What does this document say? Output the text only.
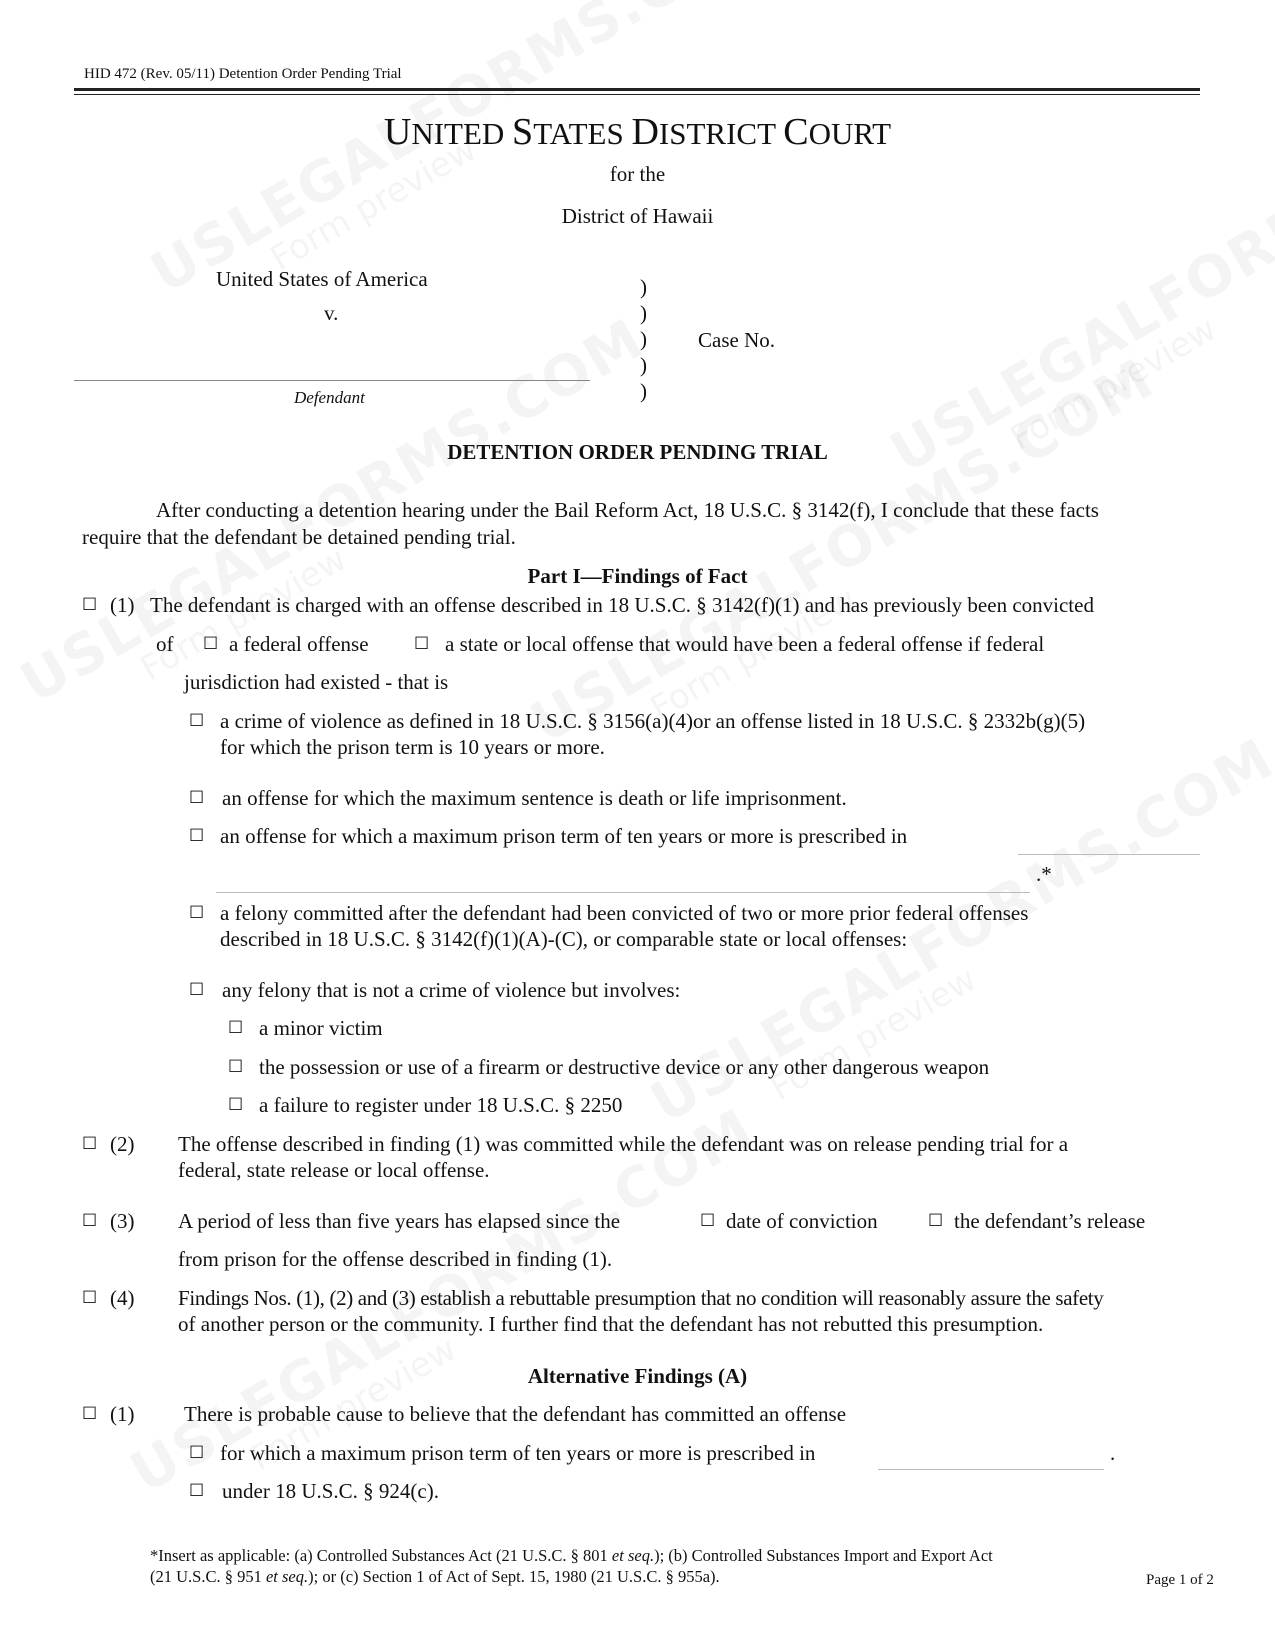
HID 472 (Rev. 05/11) Detention Order Pending Trial
UNITED STATES DISTRICT COURT
for the
District of Hawaii
United States of America
v.
Defendant
)
)
)
)
)
Case No.
DETENTION ORDER PENDING TRIAL
After conducting a detention hearing under the Bail Reform Act, 18 U.S.C. § 3142(f), I conclude that these facts
require that the defendant be detained pending trial.
Part I—Findings of Fact
☐ (1) The defendant is charged with an offense described in 18 U.S.C. § 3142(f)(1) and has previously been convicted
of ☐ a federal offense	☐ a state or local offense that would have been a federal offense if federal
jurisdiction had existed - that is
☐ a crime of violence as defined in 18 U.S.C. § 3156(a)(4)or an offense listed in 18 U.S.C. § 2332b(g)(5)
for which the prison term is 10 years or more.
☐ an offense for which the maximum sentence is death or life imprisonment.
☐ an offense for which a maximum prison term of ten years or more is prescribed in
.*
☐ a felony committed after the defendant had been convicted of two or more prior federal offenses
described in 18 U.S.C. § 3142(f)(1)(A)-(C), or comparable state or local offenses:
☐ any felony that is not a crime of violence but involves:
☐ a minor victim
☐ the possession or use of a firearm or destructive device or any other dangerous weapon
☐ a failure to register under 18 U.S.C. § 2250
☐ (2) The offense described in finding (1) was committed while the defendant was on release pending trial for a
federal, state release or local offense.
☐ (3) A period of less than five years has elapsed since the	☐ date of conviction	☐ the defendant’s release
from prison for the offense described in finding (1).
☐ (4) Findings Nos. (1), (2) and (3) establish a rebuttable presumption that no condition will reasonably assure the safety
of another person or the community. I further find that the defendant has not rebutted this presumption.
Alternative Findings (A)
☐ (1) There is probable cause to believe that the defendant has committed an offense
☐ for which a maximum prison term of ten years or more is prescribed in	.
☐ under 18 U.S.C. § 924(c).
*Insert as applicable: (a) Controlled Substances Act (21 U.S.C. § 801 et seq.); (b) Controlled Substances Import and Export Act
(21 U.S.C. § 951 et seq.); or (c) Section 1 of Act of Sept. 15, 1980 (21 U.S.C. § 955a).	Page 1 of 2
